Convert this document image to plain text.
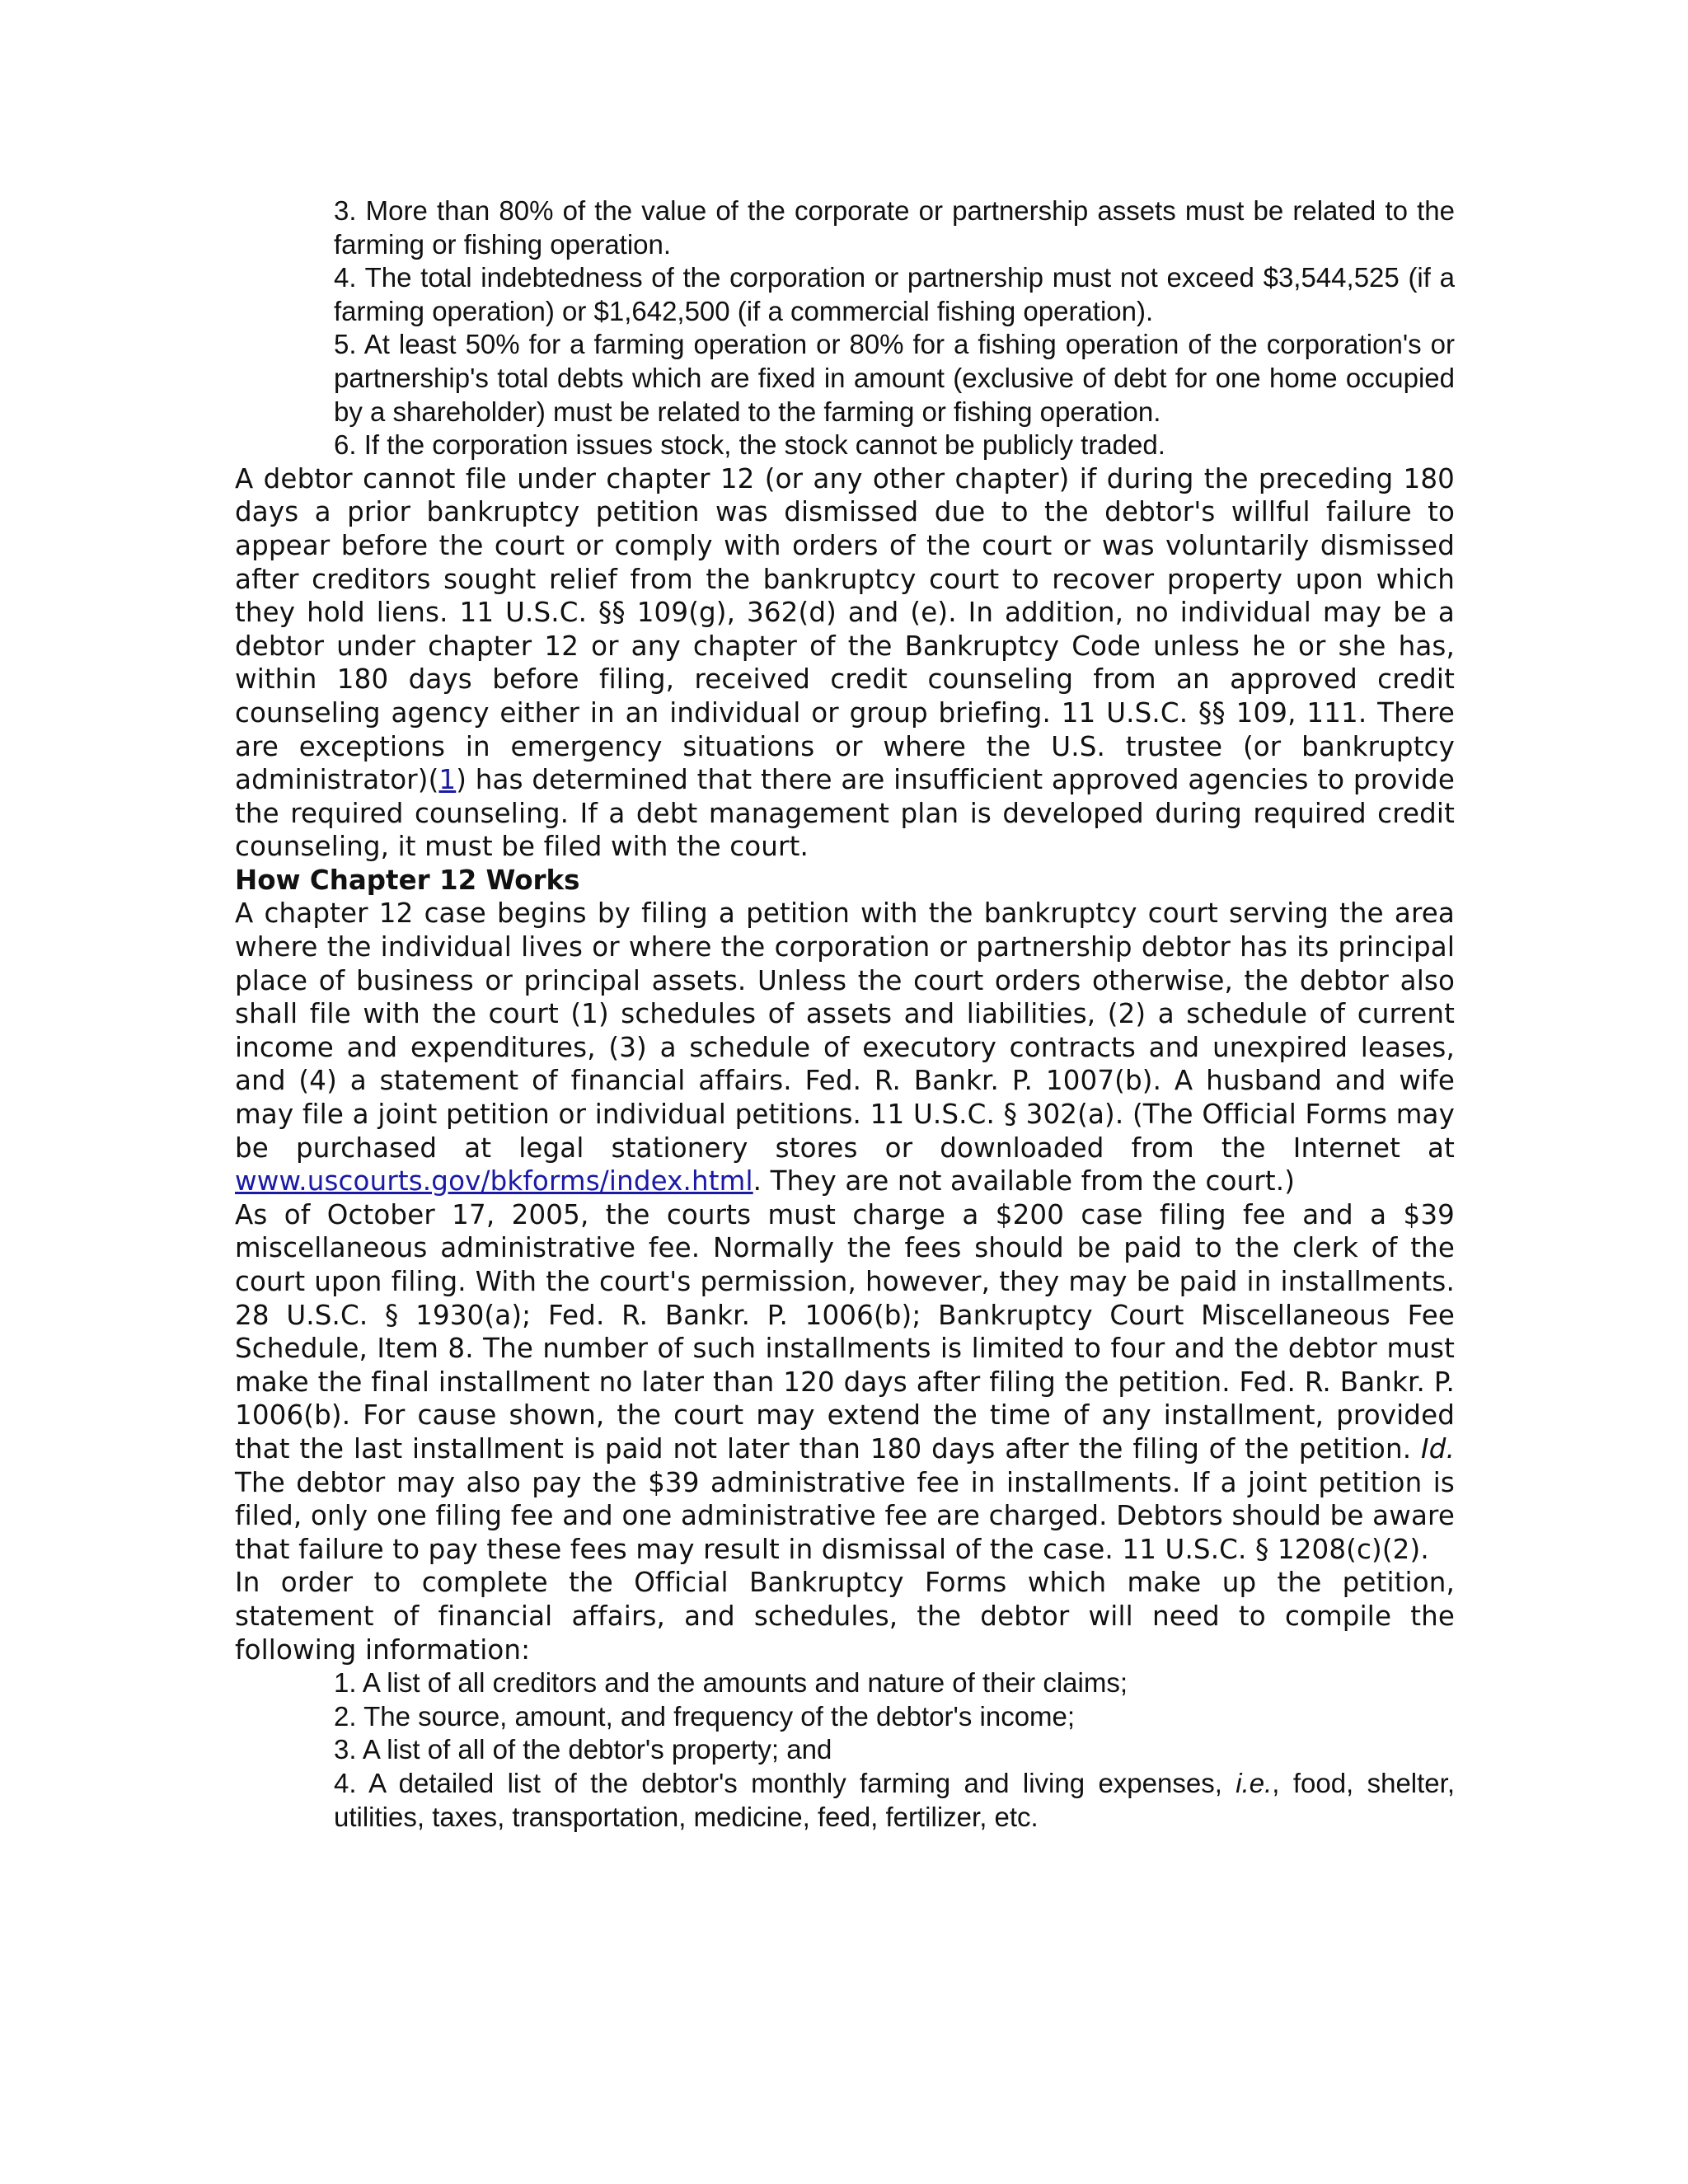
3. More than 80% of the value of the corporate or partnership assets must be related to the farming or fishing operation.

4. The total indebtedness of the corporation or partnership must not exceed $3,544,525 (if a farming operation) or $1,642,500 (if a commercial fishing operation).

5. At least 50% for a farming operation or 80% for a fishing operation of the corporation's or partnership's total debts which are fixed in amount (exclusive of debt for one home occupied by a shareholder) must be related to the farming or fishing operation.

6. If the corporation issues stock, the stock cannot be publicly traded.

A debtor cannot file under chapter 12 (or any other chapter) if during the preceding 180 days a prior bankruptcy petition was dismissed due to the debtor's willful failure to appear before the court or comply with orders of the court or was voluntarily dismissed after creditors sought relief from the bankruptcy court to recover property upon which they hold liens. 11 U.S.C. §§ 109(g), 362(d) and (e). In addition, no individual may be a debtor under chapter 12 or any chapter of the Bankruptcy Code unless he or she has, within 180 days before filing, received credit counseling from an approved credit counseling agency either in an individual or group briefing. 11 U.S.C. §§ 109, 111. There are exceptions in emergency situations or where the U.S. trustee (or bankruptcy administrator)(1) has determined that there are insufficient approved agencies to provide the required counseling. If a debt management plan is developed during required credit counseling, it must be filed with the court.

How Chapter 12 Works

A chapter 12 case begins by filing a petition with the bankruptcy court serving the area where the individual lives or where the corporation or partnership debtor has its principal place of business or principal assets. Unless the court orders otherwise, the debtor also shall file with the court (1) schedules of assets and liabilities, (2) a schedule of current income and expenditures, (3) a schedule of executory contracts and unexpired leases, and (4) a statement of financial affairs. Fed. R. Bankr. P. 1007(b). A husband and wife may file a joint petition or individual petitions. 11 U.S.C. § 302(a). (The Official Forms may be purchased at legal stationery stores or downloaded from the Internet at www.uscourts.gov/bkforms/index.html. They are not available from the court.)

As of October 17, 2005, the courts must charge a $200 case filing fee and a $39 miscellaneous administrative fee. Normally the fees should be paid to the clerk of the court upon filing. With the court's permission, however, they may be paid in installments. 28 U.S.C. § 1930(a); Fed. R. Bankr. P. 1006(b); Bankruptcy Court Miscellaneous Fee Schedule, Item 8. The number of such installments is limited to four and the debtor must make the final installment no later than 120 days after filing the petition. Fed. R. Bankr. P. 1006(b). For cause shown, the court may extend the time of any installment, provided that the last installment is paid not later than 180 days after the filing of the petition. Id. The debtor may also pay the $39 administrative fee in installments. If a joint petition is filed, only one filing fee and one administrative fee are charged. Debtors should be aware that failure to pay these fees may result in dismissal of the case. 11 U.S.C. § 1208(c)(2).

In order to complete the Official Bankruptcy Forms which make up the petition, statement of financial affairs, and schedules, the debtor will need to compile the following information:

1. A list of all creditors and the amounts and nature of their claims;

2. The source, amount, and frequency of the debtor's income;

3. A list of all of the debtor's property; and

4. A detailed list of the debtor's monthly farming and living expenses, i.e., food, shelter, utilities, taxes, transportation, medicine, feed, fertilizer, etc.
